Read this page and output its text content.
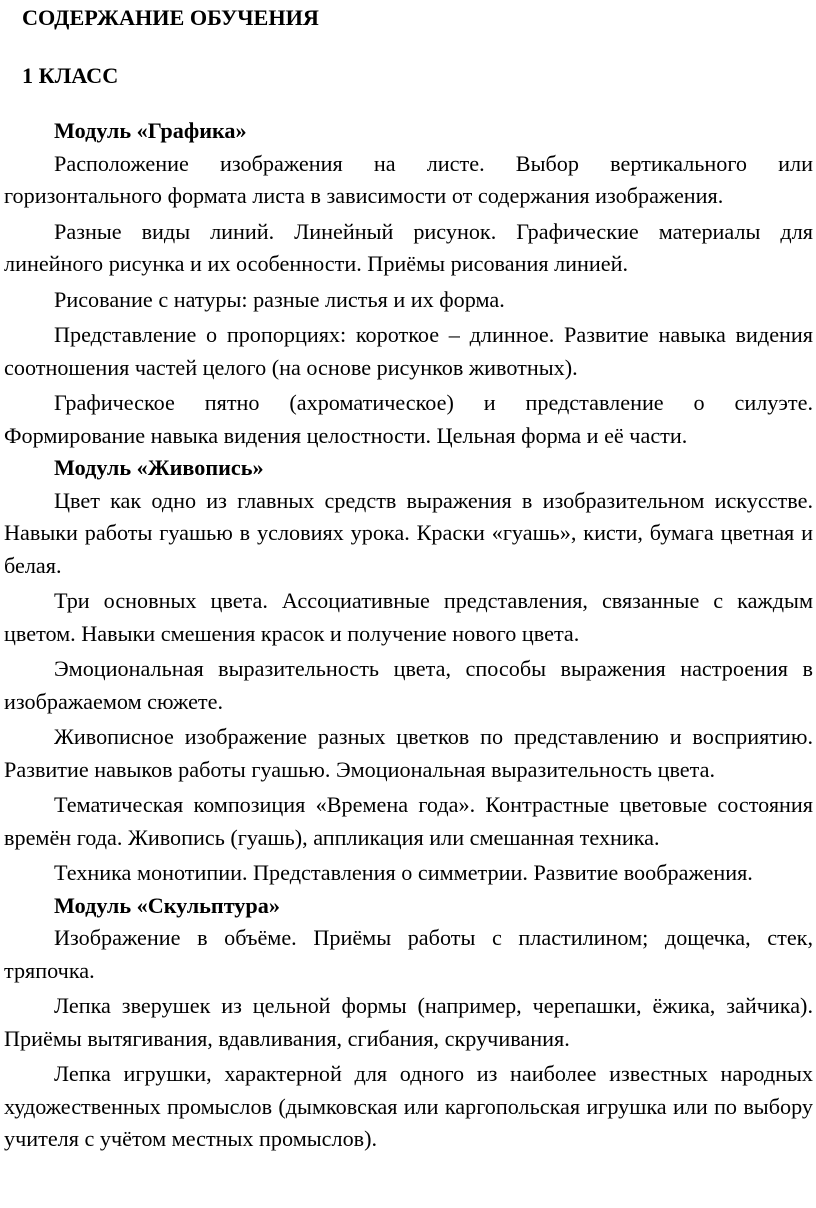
СОДЕРЖАНИЕ ОБУЧЕНИЯ
1 КЛАСС
Модуль «Графика»

Расположение изображения на листе. Выбор вертикального или горизонтального формата листа в зависимости от содержания изображения.

Разные виды линий. Линейный рисунок. Графические материалы для линейного рисунка и их особенности. Приёмы рисования линией.

Рисование с натуры: разные листья и их форма.

Представление о пропорциях: короткое – длинное. Развитие навыка видения соотношения частей целого (на основе рисунков животных).

Графическое пятно (ахроматическое) и представление о силуэте. Формирование навыка видения целостности. Цельная форма и её части.

Модуль «Живопись»

Цвет как одно из главных средств выражения в изобразительном искусстве. Навыки работы гуашью в условиях урока. Краски «гуашь», кисти, бумага цветная и белая.

Три основных цвета. Ассоциативные представления, связанные с каждым цветом. Навыки смешения красок и получение нового цвета.

Эмоциональная выразительность цвета, способы выражения настроения в изображаемом сюжете.

Живописное изображение разных цветков по представлению и восприятию. Развитие навыков работы гуашью. Эмоциональная выразительность цвета.

Тематическая композиция «Времена года». Контрастные цветовые состояния времён года. Живопись (гуашь), аппликация или смешанная техника.

Техника монотипии. Представления о симметрии. Развитие воображения.

Модуль «Скульптура»

Изображение в объёме. Приёмы работы с пластилином; дощечка, стек, тряпочка.

Лепка зверушек из цельной формы (например, черепашки, ёжика, зайчика). Приёмы вытягивания, вдавливания, сгибания, скручивания.

Лепка игрушки, характерной для одного из наиболее известных народных художественных промыслов (дымковская или каргопольская игрушка или по выбору учителя с учётом местных промыслов).
